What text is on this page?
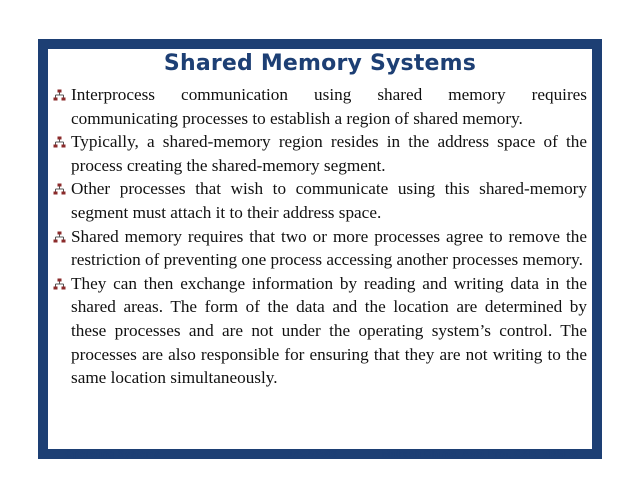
Shared Memory Systems

Interprocess communication using shared memory requires communicating processes to establish a region of shared memory.

Typically, a shared-memory region resides in the address space of the process creating the shared-memory segment.

Other processes that wish to communicate using this shared-memory segment must attach it to their address space.

Shared memory requires that two or more processes agree to remove the restriction of preventing one process accessing another processes memory.

They can then exchange information by reading and writing data in the shared areas. The form of the data and the location are determined by these processes and are not under the operating system’s control. The processes are also responsible for ensuring that they are not writing to the same location simultaneously.

Operating Systems	14CS3503	Mukesh Chinta, Asst Prof, CSE, VRSEC
